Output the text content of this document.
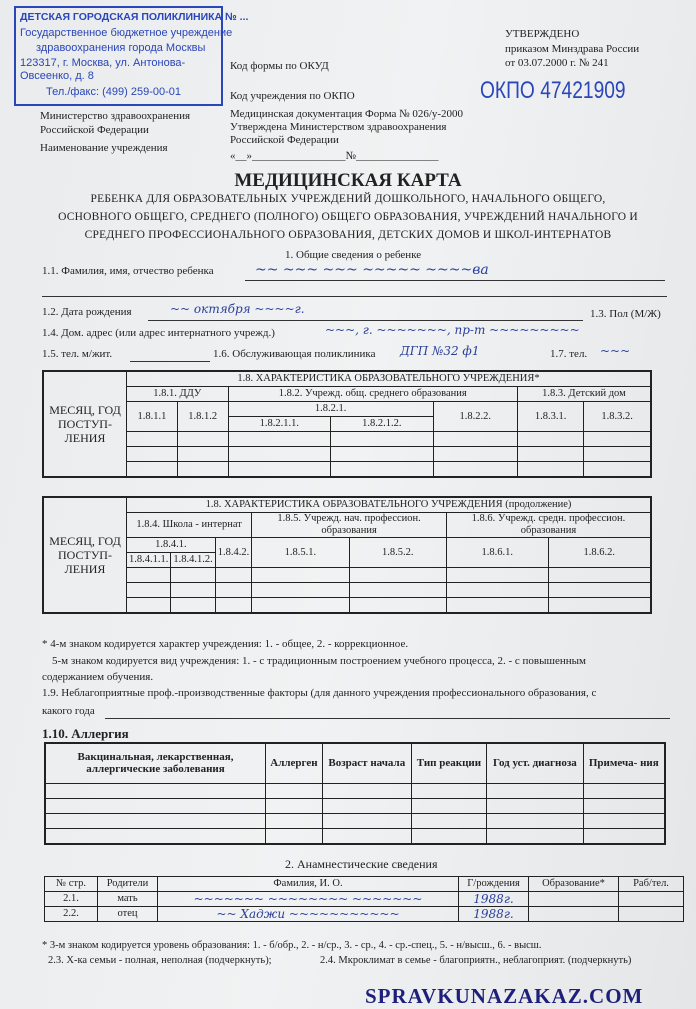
ДЕТСКАЯ ГОРОДСКАЯ ПОЛИКЛИНИКА № ...
Государственное бюджетное учреждение
здравоохранения города Москвы
123317, г. Москва, ул. Антонова-Овсеенко, д. 8
Тел./факс: (499) 259-00-01
Министерство здравоохранения
Российской Федерации
Наименование учреждения
Код формы по ОКУД
Код учреждения по ОКПО
Медицинская документация Форма № 026/у-2000
Утверждена Министерством здравоохранения
Российской Федерации
«__»_________________№_______________
УТВЕРЖДЕНО
приказом Минздрава России
от 03.07.2000 г. № 241
ОКПО 47421909
МЕДИЦИНСКАЯ КАРТА
РЕБЕНКА ДЛЯ ОБРАЗОВАТЕЛЬНЫХ УЧРЕЖДЕНИЙ ДОШКОЛЬНОГО, НАЧАЛЬНОГО ОБЩЕГО,
ОСНОВНОГО ОБЩЕГО, СРЕДНЕГО (ПОЛНОГО) ОБЩЕГО ОБРАЗОВАНИЯ, УЧРЕЖДЕНИЙ НАЧАЛЬНОГО И
СРЕДНЕГО ПРОФЕССИОНАЛЬНОГО ОБРАЗОВАНИЯ, ДЕТСКИХ ДОМОВ И ШКОЛ-ИНТЕРНАТОВ
1. Общие сведения о ребенке
1.1. Фамилия, имя, отчество ребенка	~~ ~~~ ~~~ ~~~~~ ~~~~ва
1.2. Дата рождения	~~ октября ~~~~г.	1.3. Пол (М/Ж)
1.4. Дом. адрес (или адрес интернатного учрежд.)	~~~, г. ~~~~~~~, пр-т ~~~~~~~~~
1.5. тел. м/жит.	1.6. Обслуживающая поликлиника ДГП №32 ф1	1.7. тел. ~~~
МЕСЯЦ, ГОД ПОСТУП- ЛЕНИЯ	1.8. ХАРАКТЕРИСТИКА ОБРАЗОВАТЕЛЬНОГО УЧРЕЖДЕНИЯ*						
	1.8.1. ДДУ		1.8.2. Учрежд. общ. среднего образования			1.8.3. Детский дом	
	1.8.1.1	1.8.1.2	1.8.2.1.		1.8.2.2.	1.8.3.1.	1.8.3.2.
			1.8.2.1.1.	1.8.2.1.2.			

МЕСЯЦ, ГОД ПОСТУП- ЛЕНИЯ	1.8. ХАРАКТЕРИСТИКА ОБРАЗОВАТЕЛЬНОГО УЧРЕЖДЕНИЯ (продолжение)						
	1.8.4. Школа - интернат			1.8.5. Учрежд. нач. профессион. образования		1.8.6. Учрежд. средн. профессион. образования	
	1.8.4.1.		1.8.4.2.	1.8.5.1.	1.8.5.2.	1.8.6.1.	1.8.6.2.
	1.8.4.1.1.	1.8.4.1.2.					

* 4-м знаком кодируется характер учреждения: 1. - общее, 2. - коррекционное.
5-м знаком кодируется вид учреждения: 1. - с традиционным построением учебного процесса, 2. - с повышенным
содержанием обучения.
1.9. Неблагоприятные проф.-производственные факторы (для данного учреждения профессионального образования, с
какого года
1.10. Аллергия
Вакцинальная, лекарственная, аллергические заболевания	Аллерген	Возраст начала	Тип реакции	Год уст. диагноза	Примеча- ния

2. Анамнестические сведения
№ стр.	Родители	Фамилия, И. О.	Г/рождения	Образование*	Раб/тел.
2.1.	мать	~~~~~~~ ~~~~~~~~ ~~~~~~~	1988г.		
2.2.	отец	~~ Хаджи ~~~~~~~~~~~	1988г.		
* 3-м знаком кодируется уровень образования: 1. - б/обр., 2. - н/ср., 3. - ср., 4. - ср.-спец., 5. - н/высш., 6. - высш.
2.3. Х-ка семьи - полная, неполная (подчеркнуть);	2.4. Мкроклимат в семье - благоприятн., неблагоприят. (подчеркнуть)
SPRAVKUNAZAKAZ.COM
